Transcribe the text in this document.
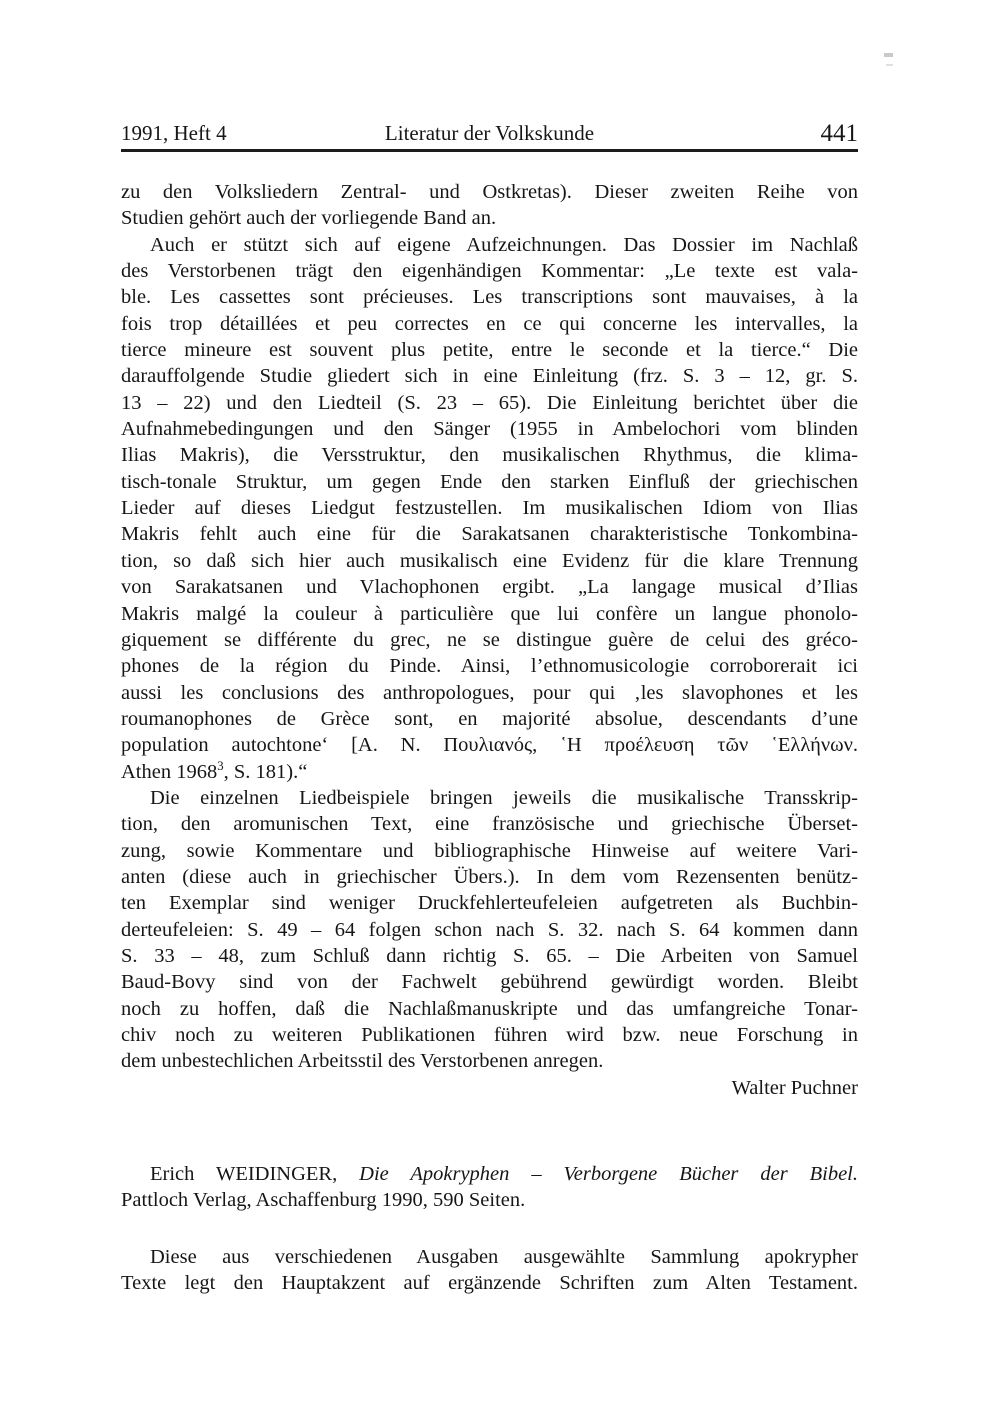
1991, Heft 4	Literatur der Volkskunde	441
zu den Volksliedern Zentral- und Ostkretas). Dieser zweiten Reihe von
Studien gehört auch der vorliegende Band an.
Auch er stützt sich auf eigene Aufzeichnungen. Das Dossier im Nachlaß
des Verstorbenen trägt den eigenhändigen Kommentar: „Le texte est vala-
ble. Les cassettes sont précieuses. Les transcriptions sont mauvaises, à la
fois trop détaillées et peu correctes en ce qui concerne les intervalles, la
tierce mineure est souvent plus petite, entre le seconde et la tierce.“ Die
darauffolgende Studie gliedert sich in eine Einleitung (frz. S. 3 – 12, gr. S.
13 – 22) und den Liedteil (S. 23 – 65). Die Einleitung berichtet über die
Aufnahmebedingungen und den Sänger (1955 in Ambelochori vom blinden
Ilias Makris), die Versstruktur, den musikalischen Rhythmus, die klima-
tisch-tonale Struktur, um gegen Ende den starken Einfluß der griechischen
Lieder auf dieses Liedgut festzustellen. Im musikalischen Idiom von Ilias
Makris fehlt auch eine für die Sarakatsanen charakteristische Tonkombina-
tion, so daß sich hier auch musikalisch eine Evidenz für die klare Trennung
von Sarakatsanen und Vlachophonen ergibt. „La langage musical d’Ilias
Makris malgé la couleur à particulière que lui confère un langue phonolo-
giquement se différente du grec, ne se distingue guère de celui des gréco-
phones de la région du Pinde. Ainsi, l’ethnomusicologie corroborerait ici
aussi les conclusions des anthropologues, pour qui ‚les slavophones et les
roumanophones de Grèce sont, en majorité absolue, descendants d’une
population autochtone‘ [A. N. Πουλιανός, ῾Η προέλευση τῶν ῾Ελλήνων.
Athen 1968$^3$, S. 181).“
Die einzelnen Liedbeispiele bringen jeweils die musikalische Transskrip-
tion, den aromunischen Text, eine französische und griechische Überset-
zung, sowie Kommentare und bibliographische Hinweise auf weitere Vari-
anten (diese auch in griechischer Übers.). In dem vom Rezensenten benütz-
ten Exemplar sind weniger Druckfehlerteufeleien aufgetreten als Buchbin-
derteufeleien: S. 49 – 64 folgen schon nach S. 32. nach S. 64 kommen dann
S. 33 – 48, zum Schluß dann richtig S. 65. – Die Arbeiten von Samuel
Baud-Bovy sind von der Fachwelt gebührend gewürdigt worden. Bleibt
noch zu hoffen, daß die Nachlaßmanuskripte und das umfangreiche Tonar-
chiv noch zu weiteren Publikationen führen wird bzw. neue Forschung in
dem unbestechlichen Arbeitsstil des Verstorbenen anregen.
Walter Puchner
Erich WEIDINGER, Die Apokryphen – Verborgene Bücher der Bibel.
Pattloch Verlag, Aschaffenburg 1990, 590 Seiten.
Diese aus verschiedenen Ausgaben ausgewählte Sammlung apokrypher
Texte legt den Hauptakzent auf ergänzende Schriften zum Alten Testament.
